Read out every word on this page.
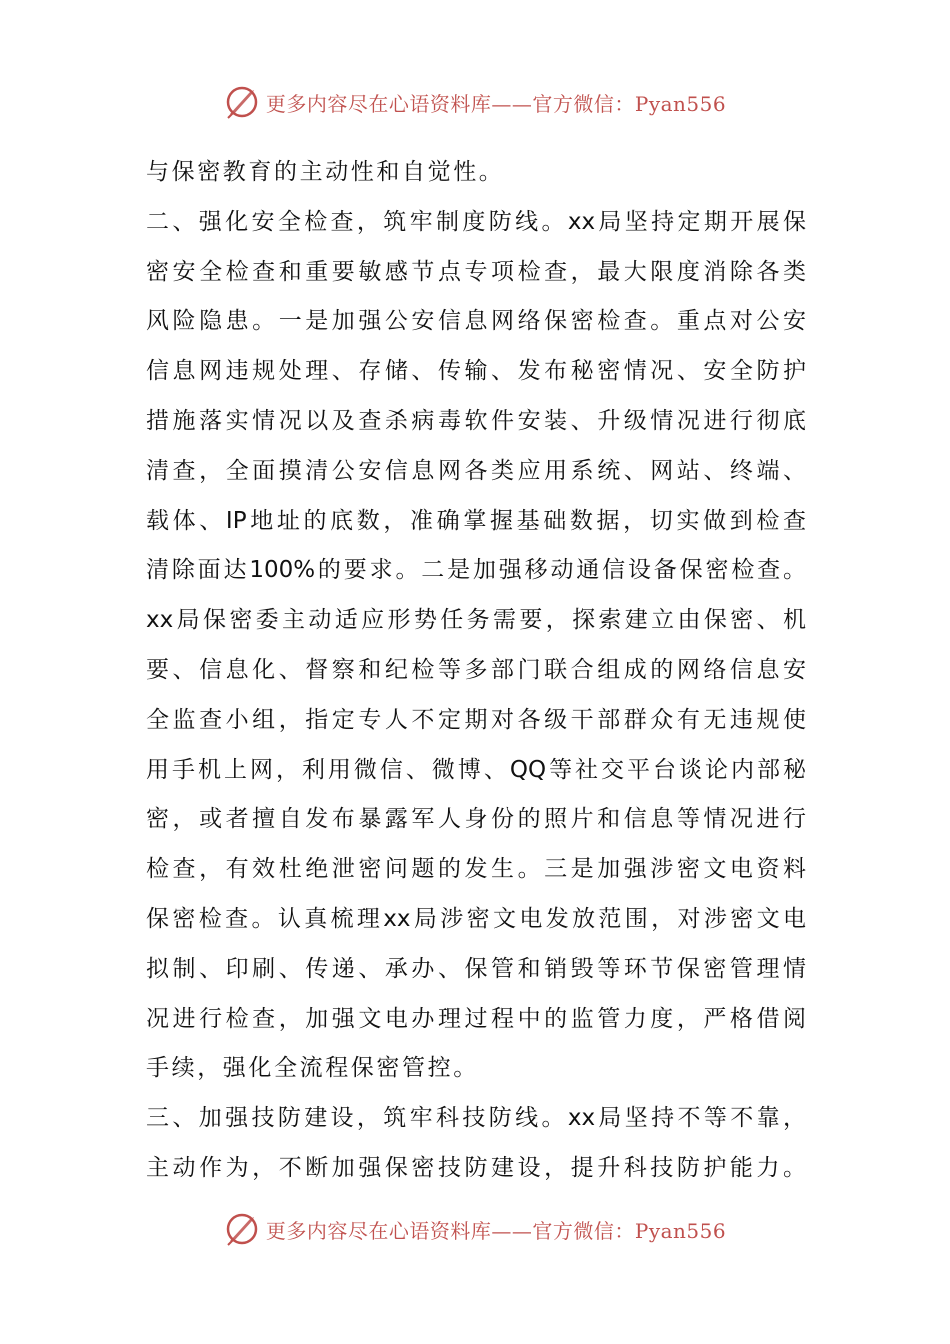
更多内容尽在心语资料库——官方微信：Pyan556
与保密教育的主动性和自觉性。
二、强化安全检查，筑牢制度防线。xx局坚持定期开展保
密安全检查和重要敏感节点专项检查，最大限度消除各类
风险隐患。一是加强公安信息网络保密检查。重点对公安
信息网违规处理、存储、传输、发布秘密情况、安全防护
措施落实情况以及查杀病毒软件安装、升级情况进行彻底
清查，全面摸清公安信息网各类应用系统、网站、终端、
载体、IP地址的底数，准确掌握基础数据，切实做到检查
清除面达100%的要求。二是加强移动通信设备保密检查。
xx局保密委主动适应形势任务需要，探索建立由保密、机
要、信息化、督察和纪检等多部门联合组成的网络信息安
全监查小组，指定专人不定期对各级干部群众有无违规使
用手机上网，利用微信、微博、QQ等社交平台谈论内部秘
密，或者擅自发布暴露军人身份的照片和信息等情况进行
检查，有效杜绝泄密问题的发生。三是加强涉密文电资料
保密检查。认真梳理xx局涉密文电发放范围，对涉密文电
拟制、印刷、传递、承办、保管和销毁等环节保密管理情
况进行检查，加强文电办理过程中的监管力度，严格借阅
手续，强化全流程保密管控。
三、加强技防建设，筑牢科技防线。xx局坚持不等不靠，
主动作为，不断加强保密技防建设，提升科技防护能力。
更多内容尽在心语资料库——官方微信：Pyan556
